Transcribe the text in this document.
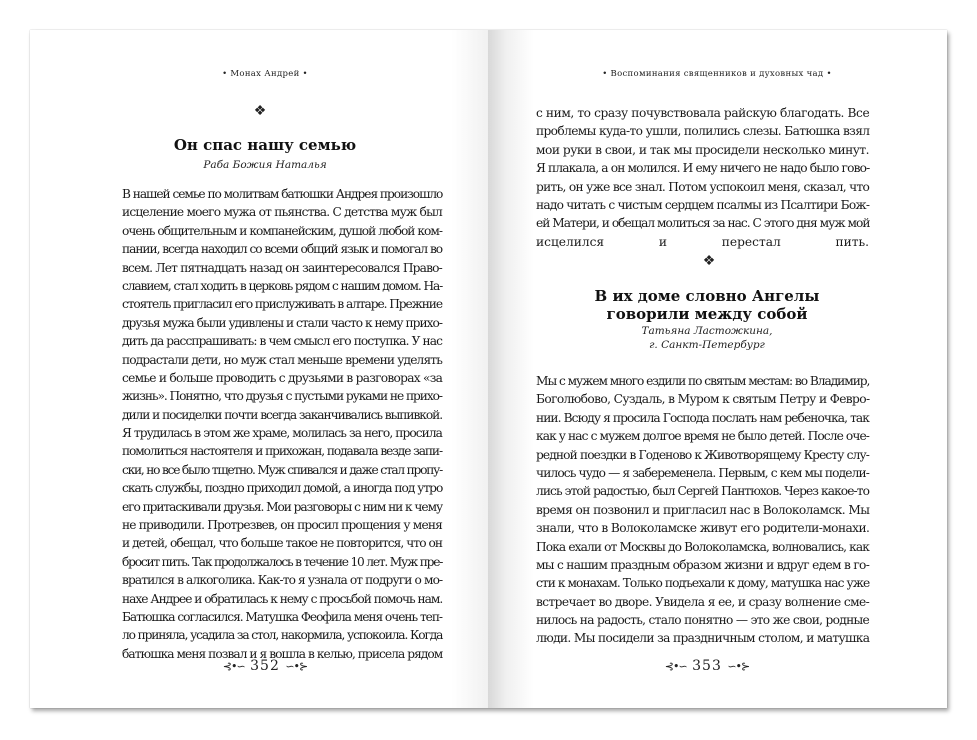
• Монах Андрей •
❖
Он спас нашу семью
Раба Божия Наталья
В нашей семье по молитвам батюшки Андрея произошло
исцеление моего мужа от пьянства. С детства муж был
очень общительным и компанейским, душой любой ком-
пании, всегда находил со всеми общий язык и помогал во
всем. Лет пятнадцать назад он заинтересовался Право-
славием, стал ходить в церковь рядом с нашим домом. На-
стоятель пригласил его прислуживать в алтаре. Прежние
друзья мужа были удивлены и стали часто к нему прихо-
дить да расспрашивать: в чем смысл его поступка. У нас
подрастали дети, но муж стал меньше времени уделять
семье и больше проводить с друзьями в разговорах «за
жизнь». Понятно, что друзья с пустыми руками не прихо-
дили и посиделки почти всегда заканчивались выпивкой.
Я трудилась в этом же храме, молилась за него, просила
помолиться настоятеля и прихожан, подавала везде запи-
ски, но все было тщетно. Муж спивался и даже стал пропу-
скать службы, поздно приходил домой, а иногда под утро
его притаскивали друзья. Мои разговоры с ним ни к чему
не приводили. Протрезвев, он просил прощения у меня
и детей, обещал, что больше такое не повторится, что он
бросит пить. Так продолжалось в течение 10 лет. Муж пре-
вратился в алкоголика. Как-то я узнала от подруги о мо-
нахе Андрее и обратилась к нему с просьбой помочь нам.
Батюшка согласился. Матушка Феофила меня очень теп-
ло приняла, усадила за стол, накормила, успокоила. Когда
батюшка меня позвал и я вошла в келью, присела рядом
⊰•∽ 352 ∽•⊱
• Воспоминания священников и духовных чад •
с ним, то сразу почувствовала райскую благодать. Все
проблемы куда-то ушли, полились слезы. Батюшка взял
мои руки в свои, и так мы просидели несколько минут.
Я плакала, а он молился. И ему ничего не надо было гово-
рить, он уже все знал. Потом успокоил меня, сказал, что
надо читать с чистым сердцем псалмы из Псалтири Бож-
ей Матери, и обещал молиться за нас. С этого дня муж мой
исцелился и перестал пить.
❖
В их доме словно Ангелы
говорили между собой
Татьяна Ластожкина,
г. Санкт-Петербург
Мы с мужем много ездили по святым местам: во Владимир,
Боголюбово, Суздаль, в Муром к святым Петру и Февро-
нии. Всюду я просила Господа послать нам ребеночка, так
как у нас с мужем долгое время не было детей. После оче-
редной поездки в Годеново к Животворящему Кресту слу-
чилось чудо — я забеременела. Первым, с кем мы подели-
лись этой радостью, был Сергей Пантюхов. Через какое-то
время он позвонил и пригласил нас в Волоколамск. Мы
знали, что в Волоколамске живут его родители-монахи.
Пока ехали от Москвы до Волоколамска, волновались, как
мы с нашим праздным образом жизни и вдруг едем в го-
сти к монахам. Только подъехали к дому, матушка нас уже
встречает во дворе. Увидела я ее, и сразу волнение сме-
нилось на радость, стало понятно — это же свои, родные
люди. Мы посидели за праздничным столом, и матушка
⊰•∽ 353 ∽•⊱
